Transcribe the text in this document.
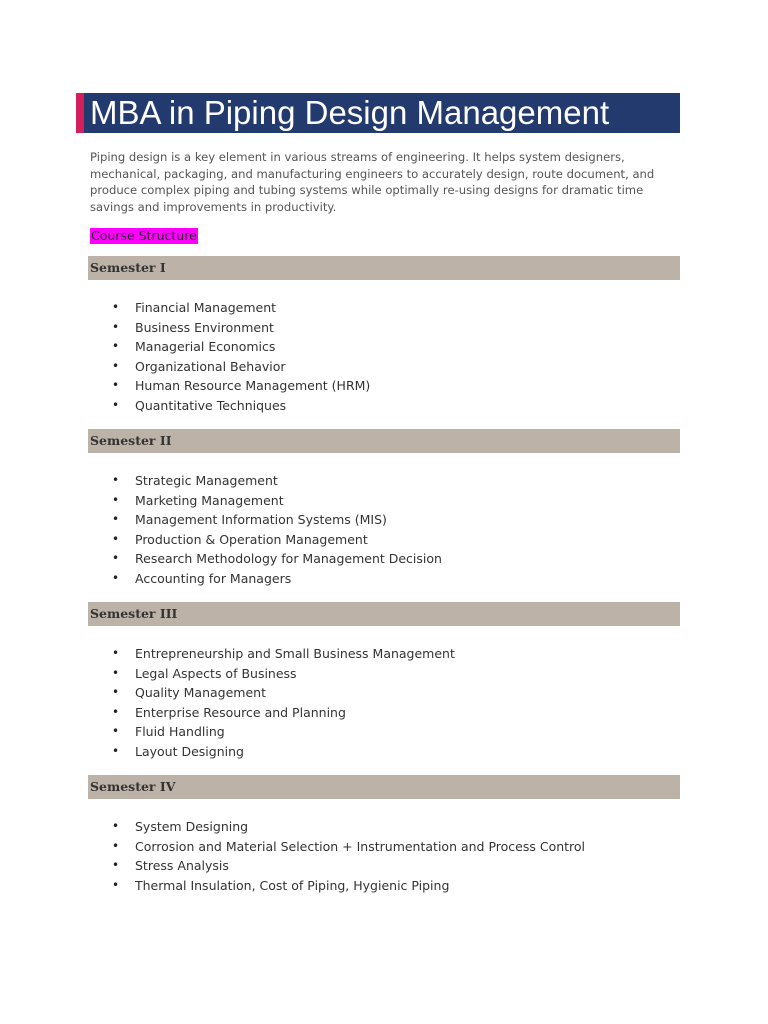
MBA in Piping Design Management

Piping design is a key element in various streams of engineering. It helps system designers, mechanical, packaging, and manufacturing engineers to accurately design, route document, and produce complex piping and tubing systems while optimally re-using designs for dramatic time savings and improvements in productivity.

Course Structure
Semester I
• Financial Management
• Business Environment
• Managerial Economics
• Organizational Behavior
• Human Resource Management (HRM)
• Quantitative Techniques
Semester II
• Strategic Management
• Marketing Management
• Management Information Systems (MIS)
• Production & Operation Management
• Research Methodology for Management Decision
• Accounting for Managers
Semester III
• Entrepreneurship and Small Business Management
• Legal Aspects of Business
• Quality Management
• Enterprise Resource and Planning
• Fluid Handling
• Layout Designing
Semester IV
• System Designing
• Corrosion and Material Selection + Instrumentation and Process Control
• Stress Analysis
• Thermal Insulation, Cost of Piping, Hygienic Piping
